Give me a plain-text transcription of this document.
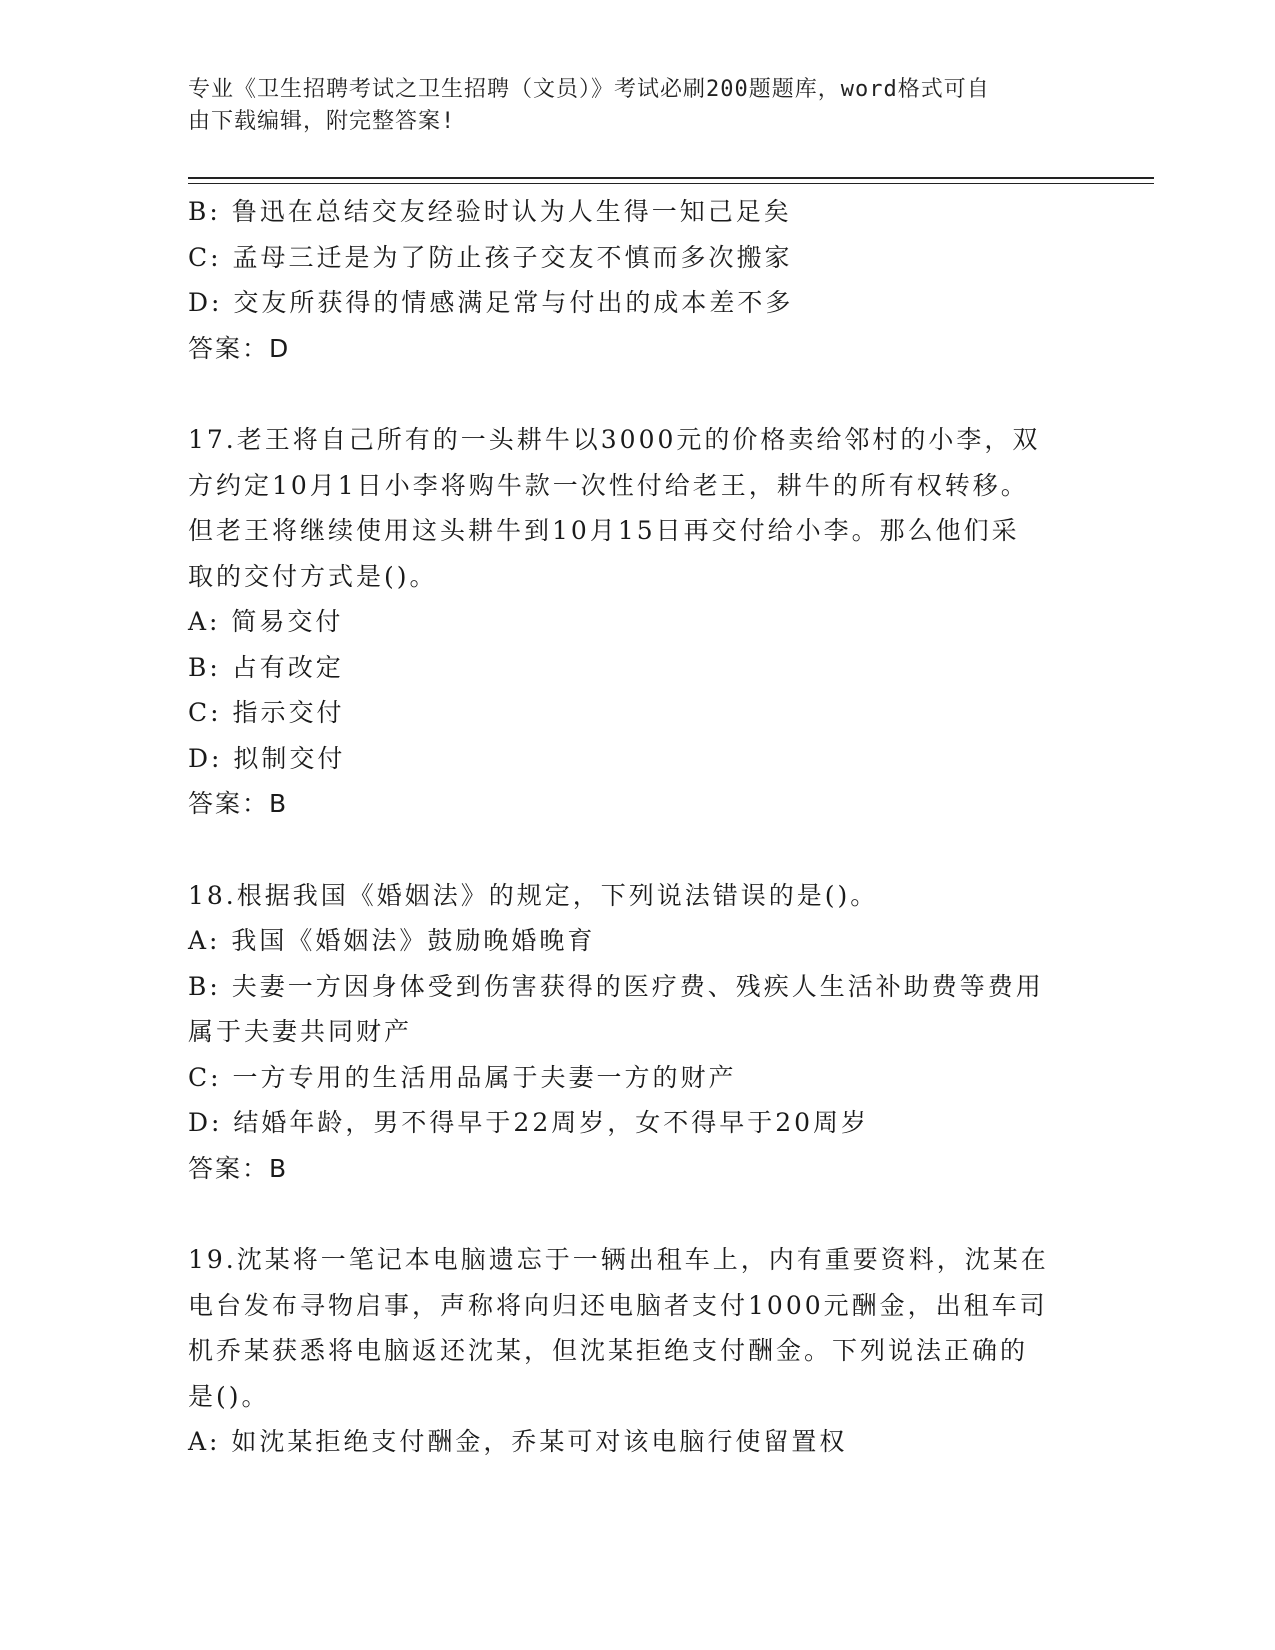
专业《卫生招聘考试之卫生招聘（文员）》考试必刷200题题库，word格式可自
由下载编辑，附完整答案!
B: 鲁迅在总结交友经验时认为人生得一知己足矣
C: 孟母三迁是为了防止孩子交友不慎而多次搬家
D: 交友所获得的情感满足常与付出的成本差不多
答案：D
17.老王将自己所有的一头耕牛以3000元的价格卖给邻村的小李，双
方约定10月1日小李将购牛款一次性付给老王，耕牛的所有权转移。
但老王将继续使用这头耕牛到10月15日再交付给小李。那么他们采
取的交付方式是()。
A: 简易交付
B: 占有改定
C: 指示交付
D: 拟制交付
答案：B
18.根据我国《婚姻法》的规定，下列说法错误的是()。
A: 我国《婚姻法》鼓励晚婚晚育
B: 夫妻一方因身体受到伤害获得的医疗费、残疾人生活补助费等费用
属于夫妻共同财产
C: 一方专用的生活用品属于夫妻一方的财产
D: 结婚年龄，男不得早于22周岁，女不得早于20周岁
答案：B
19.沈某将一笔记本电脑遗忘于一辆出租车上，内有重要资料，沈某在
电台发布寻物启事，声称将向归还电脑者支付1000元酬金，出租车司
机乔某获悉将电脑返还沈某，但沈某拒绝支付酬金。下列说法正确的
是()。
A: 如沈某拒绝支付酬金，乔某可对该电脑行使留置权
